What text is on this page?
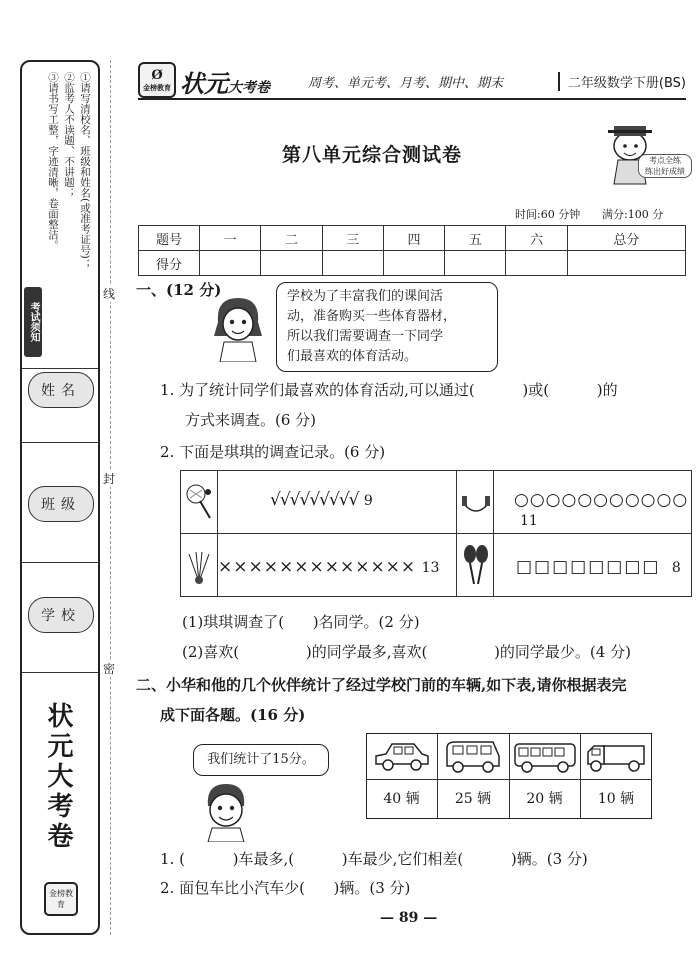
①请写清校名、班级和姓名(或准考证号)；
②监考人不读题、不讲题；
③请书写工整，字迹清晰，卷面整洁。
考试须知
姓名
班级
学校
状元大考卷
金榜教育
线
封
密
Ø
金榜教育 状元大考卷	周考、单元考、月考、期中、期末	二年级数学下册(BS)
第八单元综合测试卷	考点全练
练出好成绩
时间:60 分钟 满分:100 分
题号	一	二	三	四	五	六	总分
得分							
一、(12 分)	学校为了丰富我们的课间活
动，准备购买一些体育器材，
所以我们需要调查一下同学
们最喜欢的体育活动。
1. 为了统计同学们最喜欢的体育活动,可以通过(          )或(          )的
方式来调查。(6 分)
2. 下面是琪琪的调查记录。(6 分)
√√√√√√√√√ 9	○○○○○○○○○○○ 11
××××××××××××× 13	□□□□□□□□ 8
(1)琪琪调查了(      )名同学。(2 分)
(2)喜欢(              )的同学最多,喜欢(              )的同学最少。(4 分)
二、小华和他的几个伙伴统计了经过学校门前的车辆,如下表,请你根据表完
成下面各题。(16 分)
我们统计了15分。
40 辆	25 辆	20 辆	10 辆
1. (          )车最多,(          )车最少,它们相差(          )辆。(3 分)
2. 面包车比小汽车少(      )辆。(3 分)
— 89 —
